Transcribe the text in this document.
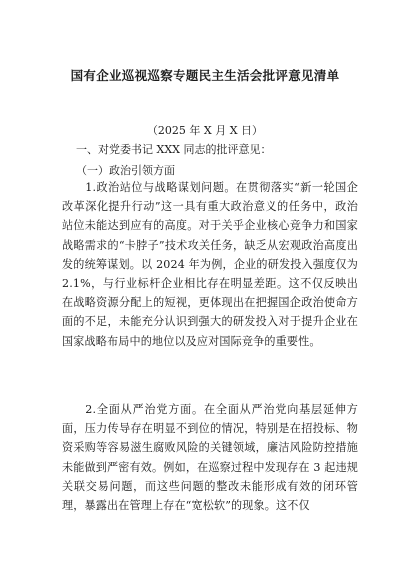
国有企业巡视巡察专题民主生活会批评意见清单
（2025 年 X 月 X 日）
一、对党委书记 XXX 同志的批评意见：
（一）政治引领方面
1.政治站位与战略谋划问题。在贯彻落实“新一轮国企改革深化提升行动”这一具有重大政治意义的任务中，政治站位未能达到应有的高度。对于关乎企业核心竞争力和国家战略需求的“卡脖子”技术攻关任务，缺乏从宏观政治高度出发的统筹谋划。以 2024 年为例，企业的研发投入强度仅为 2.1%，与行业标杆企业相比存在明显差距。这不仅反映出在战略资源分配上的短视，更体现出在把握国企政治使命方面的不足，未能充分认识到强大的研发投入对于提升企业在国家战略布局中的地位以及应对国际竞争的重要性。
2.全面从严治党方面。在全面从严治党向基层延伸方面，压力传导存在明显不到位的情况，特别是在招投标、物资采购等容易滋生腐败风险的关键领域，廉洁风险防控措施未能做到严密有效。例如，在巡察过程中发现存在 3 起违规关联交易问题，而这些问题的整改未能形成有效的闭环管理，暴露出在管理上存在“宽松软”的现象。这不仅
